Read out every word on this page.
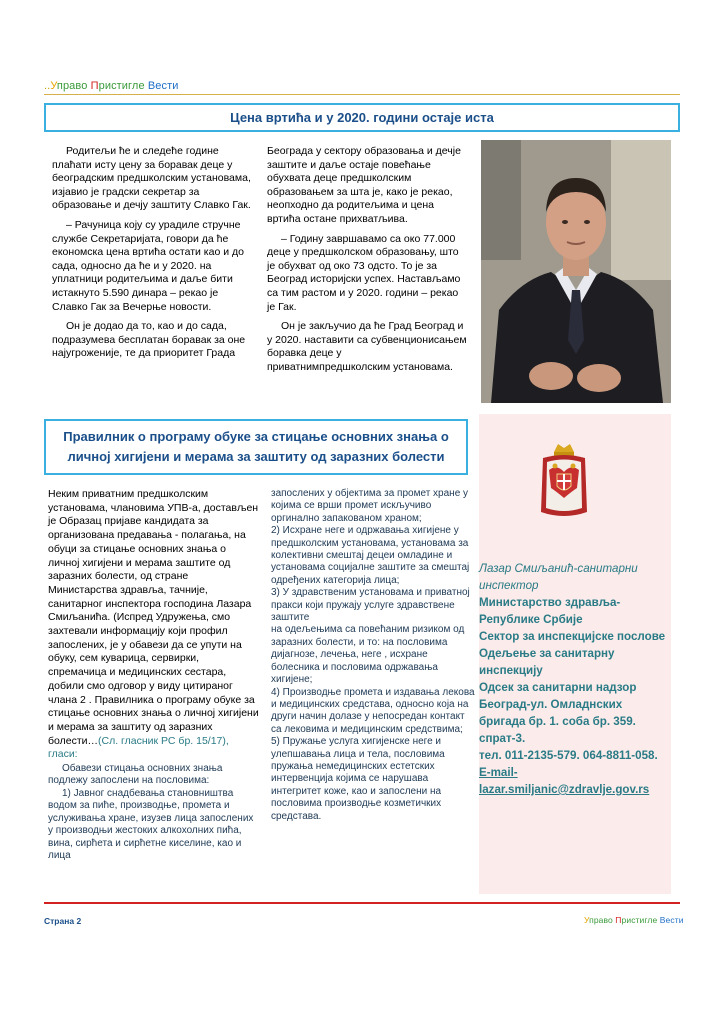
..Управо Пристигле Вести
Цена вртића и у 2020. години остаје иста

Родитељи ће и следеће годинe плаћати исту цену за боравак деце у београдским предшколским установама, изјавио је градски секретар за образовање и дечју заштиту Славко Гак.

– Рачуница коју су урадиле стручне службе Секретаријата, говори да ће економска цена вртића остати као и до сада, односно да ће и у 2020. на уплатници родитељима и даље бити истакнуто 5.590 динара – рекао је Славко Гак за Вечерње новости.

Он је додао да то, као и до сада, подразумева бесплатан боравак за оне најугроженије, те да приоритет Града

Београда у сектору образовања и дечје заштите и даље остаје повећање обухвата деце предшколским образовањем за шта је, како је рекао, неопходно да родитељима и цена вртића остане прихватљива.

– Годину завршавамо са око 77.000 деце у предшколском образовању, што је обухват од око 73 одсто. То је за Београд историјски успех. Настављамо са тим растом и у 2020. години – рекао је Гак.

Он је закључио да ће Град Београд и у 2020. наставити са субвенционисањем боравка деце у приватнимпредшколским установама.

Правилник о програму обуке за стицање основних знања о
личној хигијени и мерама за заштиту од заразних болести
Неким приватним предшколским установама, члановима УПВ-а, достављен је Образац пријаве кандидата за организована предавања - полагања, на обуци за стицање основних знања о личној хигијени и мерама заштите од заразних болести, од стране Министарства здравља, тачније, санитарног инспектора господина Лазара Смиљанића. (Испред Удружења, смо захтевали информацију који профил запослених, је у обавези да се упути на обуку, сем куварица, сервирки, спремачица и медицинских сестара, добили смо одговор у виду цитираног члана 2 . Правилника о програму обуке за стицање основних знања о личној хигијени и мерама за заштиту од заразних болести…(Сл. гласник РС бр. 15/17), гласи:

Обавези стицања основних знања подлежу запослени на пословима:

1) Јавног снадбевања становништва водом за пиће, производње, промета и услуживања хране, изузев лица запослених у производњи жестоких алкохолних пића, вина, сирћета и сирћетне киселине, као и лица

запослених у објектима за промет хране у којима се врши промет искључиво оргинално запакованом храном;

2) Исхране неге и одржавања хигијене у предшколским установама, установама за колективни смештај децеи омладине и установама социјалне заштите за смештај одређених категорија лица;

3) У здравственим установама и приватној пракси који пружају услуге здравствене заштите

на одељењима са повећаним ризиком од заразних болести, и то: на пословима дијагнозе, лечења, неге , исхране болесника и пословима одржавања хигијене;

4) Производње промета и издавања лекова и медицинских средстава, односно која на други начин долазе у непосредан контакт са лековима и медицинским средствима;

5) Пружање услуга хигијенске неге и улепшавања лица и тела, пословима пружања немедицинских естетских интервенција којима се нарушава интегритет коже, као и запослени на пословима производње козметичких средстава.

Лазар Смиљанић-санитарни инспектор
Министарство здравља-Републике Србије
Сектор за инспекцијске послове
Одељење за санитарну инспекцију
Одсек за санитарни надзор
Београд-ул. Омладнских бригада бр. 1. соба бр. 359. спрат-3.
тел. 011-2135-579. 064-8811-058.
E-mail-
lazar.smiljanic@zdravlje.gov.rs
Страна 2	Управо Пристигле Вести
